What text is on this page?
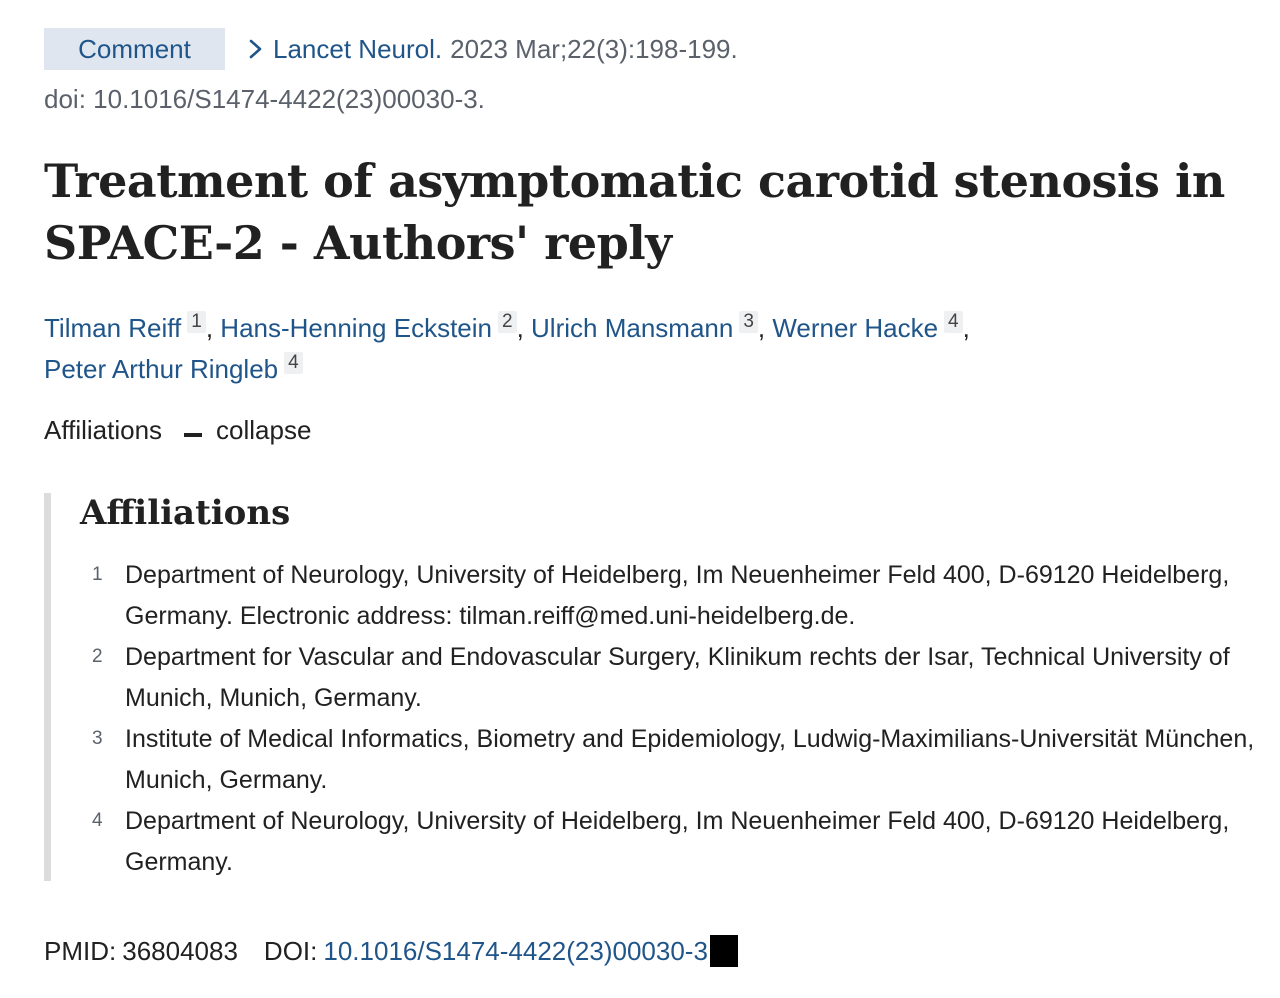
Comment	Lancet Neurol. 2023 Mar;22(3):198-199.
doi: 10.1016/S1474-4422(23)00030-3.
Treatment of asymptomatic carotid stenosis in SPACE-2 - Authors' reply
Tilman Reiff 1 , Hans-Henning Eckstein 2 , Ulrich Mansmann 3 , Werner Hacke 4 ,
Peter Arthur Ringleb 4
Affiliations collapse
Affiliations
1 Department of Neurology, University of Heidelberg, Im Neuenheimer Feld 400, D-69120 Heidelberg, Germany. Electronic address: tilman.reiff@med.uni-heidelberg.de.
2 Department for Vascular and Endovascular Surgery, Klinikum rechts der Isar, Technical University of Munich, Munich, Germany.
3 Institute of Medical Informatics, Biometry and Epidemiology, Ludwig-Maximilians-Universität München, Munich, Germany.
4 Department of Neurology, University of Heidelberg, Im Neuenheimer Feld 400, D-69120 Heidelberg, Germany.
PMID: 36804083 DOI: 10.1016/S1474-4422(23)00030-3
